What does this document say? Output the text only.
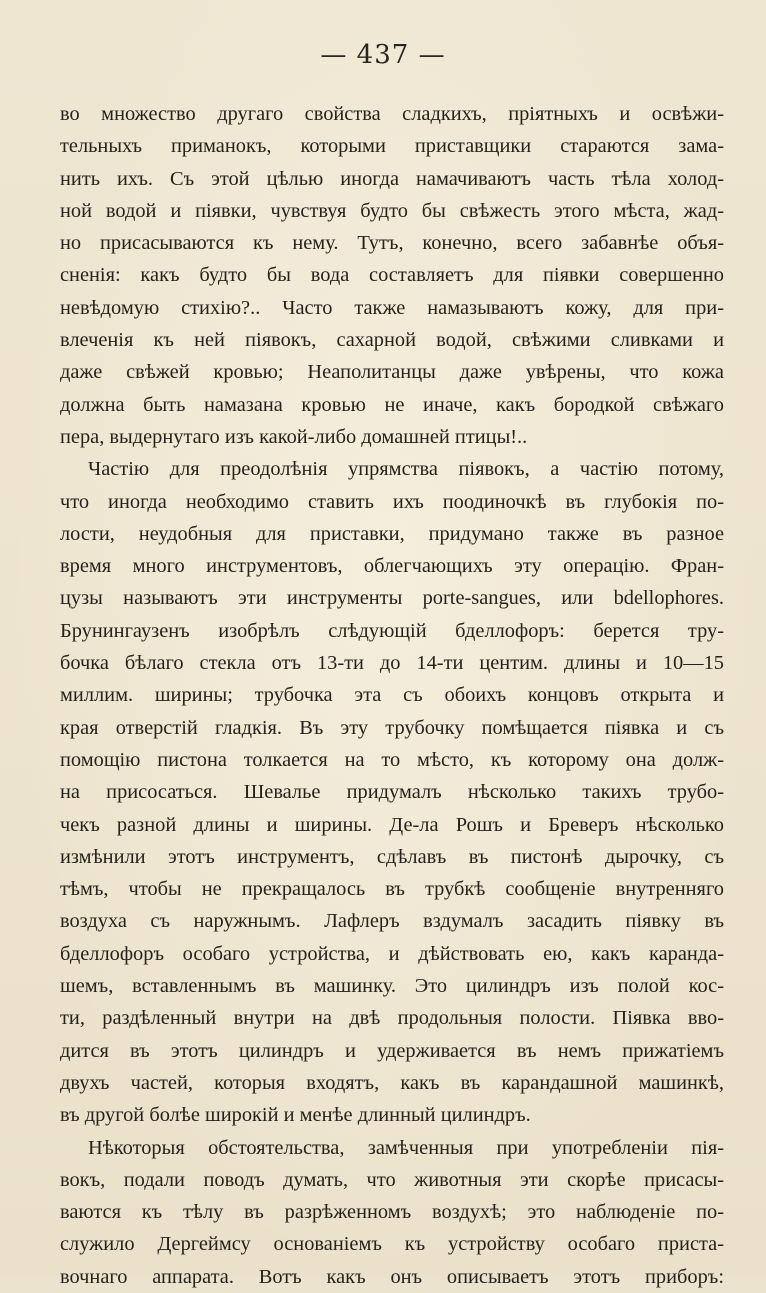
— 437 —
во множество другаго свойства сладкихъ, прiятныхъ и освѣжи-
тельныхъ приманокъ, которыми приставщики стараются зама-
нить ихъ. Съ этой цѣлью иногда намачиваютъ часть тѣла холод-
ной водой и пiявки, чувствуя будто бы свѣжесть этого мѣста, жад-
но присасываются къ нему. Тутъ, конечно, всего забавнѣе объя-
сненiя: какъ будто бы вода составляетъ для пiявки совершенно
невѣдомую стихiю?.. Часто также намазываютъ кожу, для при-
влеченiя къ ней пiявокъ, сахарной водой, свѣжими сливками и
даже свѣжей кровью; Неаполитанцы даже увѣрены, что кожа
должна быть намазана кровью не иначе, какъ бородкой свѣжаго
пера, выдернутаго изъ какой-либо домашней птицы!..
Частiю для преодолѣнiя упрямства пiявокъ, а частiю потому,
что иногда необходимо ставить ихъ поодиночкѣ въ глубокiя по-
лости, неудобныя для приставки, придумано также въ разное
время много инструментовъ, облегчающихъ эту операцiю. Фран-
цузы называютъ эти инструменты porte-sangues, или bdellophores.
Брунингаузенъ изобрѣлъ слѣдующiй бделлофоръ: берется тру-
бочка бѣлаго стекла отъ 13-ти до 14-ти центим. длины и 10—15
миллим. ширины; трубочка эта съ обоихъ концовъ открыта и
края отверстiй гладкiя. Въ эту трубочку помѣщается пiявка и съ
помощiю пистона толкается на то мѣсто, къ которому она долж-
на присосаться. Шевалье придумалъ нѣсколько такихъ трубо-
чекъ разной длины и ширины. Де-ла Рошъ и Бреверъ нѣсколько
измѣнили этотъ инструментъ, сдѣлавъ въ пистонѣ дырочку, съ
тѣмъ, чтобы не прекращалось въ трубкѣ сообщенiе внутренняго
воздуха съ наружнымъ. Лафлеръ вздумалъ засадить пiявку въ
бделлофоръ особаго устройства, и дѣйствовать ею, какъ каранда-
шемъ, вставленнымъ въ машинку. Это цилиндръ изъ полой кос-
ти, раздѣленный внутри на двѣ продольныя полости. Пiявка вво-
дится въ этотъ цилиндръ и удерживается въ немъ прижатiемъ
двухъ частей, которыя входятъ, какъ въ карандашной машинкѣ,
въ другой болѣе широкiй и менѣе длинный цилиндръ.
Нѣкоторыя обстоятельства, замѣченныя при употребленiи пiя-
вокъ, подали поводъ думать, что животныя эти скорѣе присасы-
ваются къ тѣлу въ разрѣженномъ воздухѣ; это наблюденiе по-
служило Дергеймсу основанiемъ къ устройству особаго приста-
вочнаго аппарата. Вотъ какъ онъ описываетъ этотъ приборъ:
